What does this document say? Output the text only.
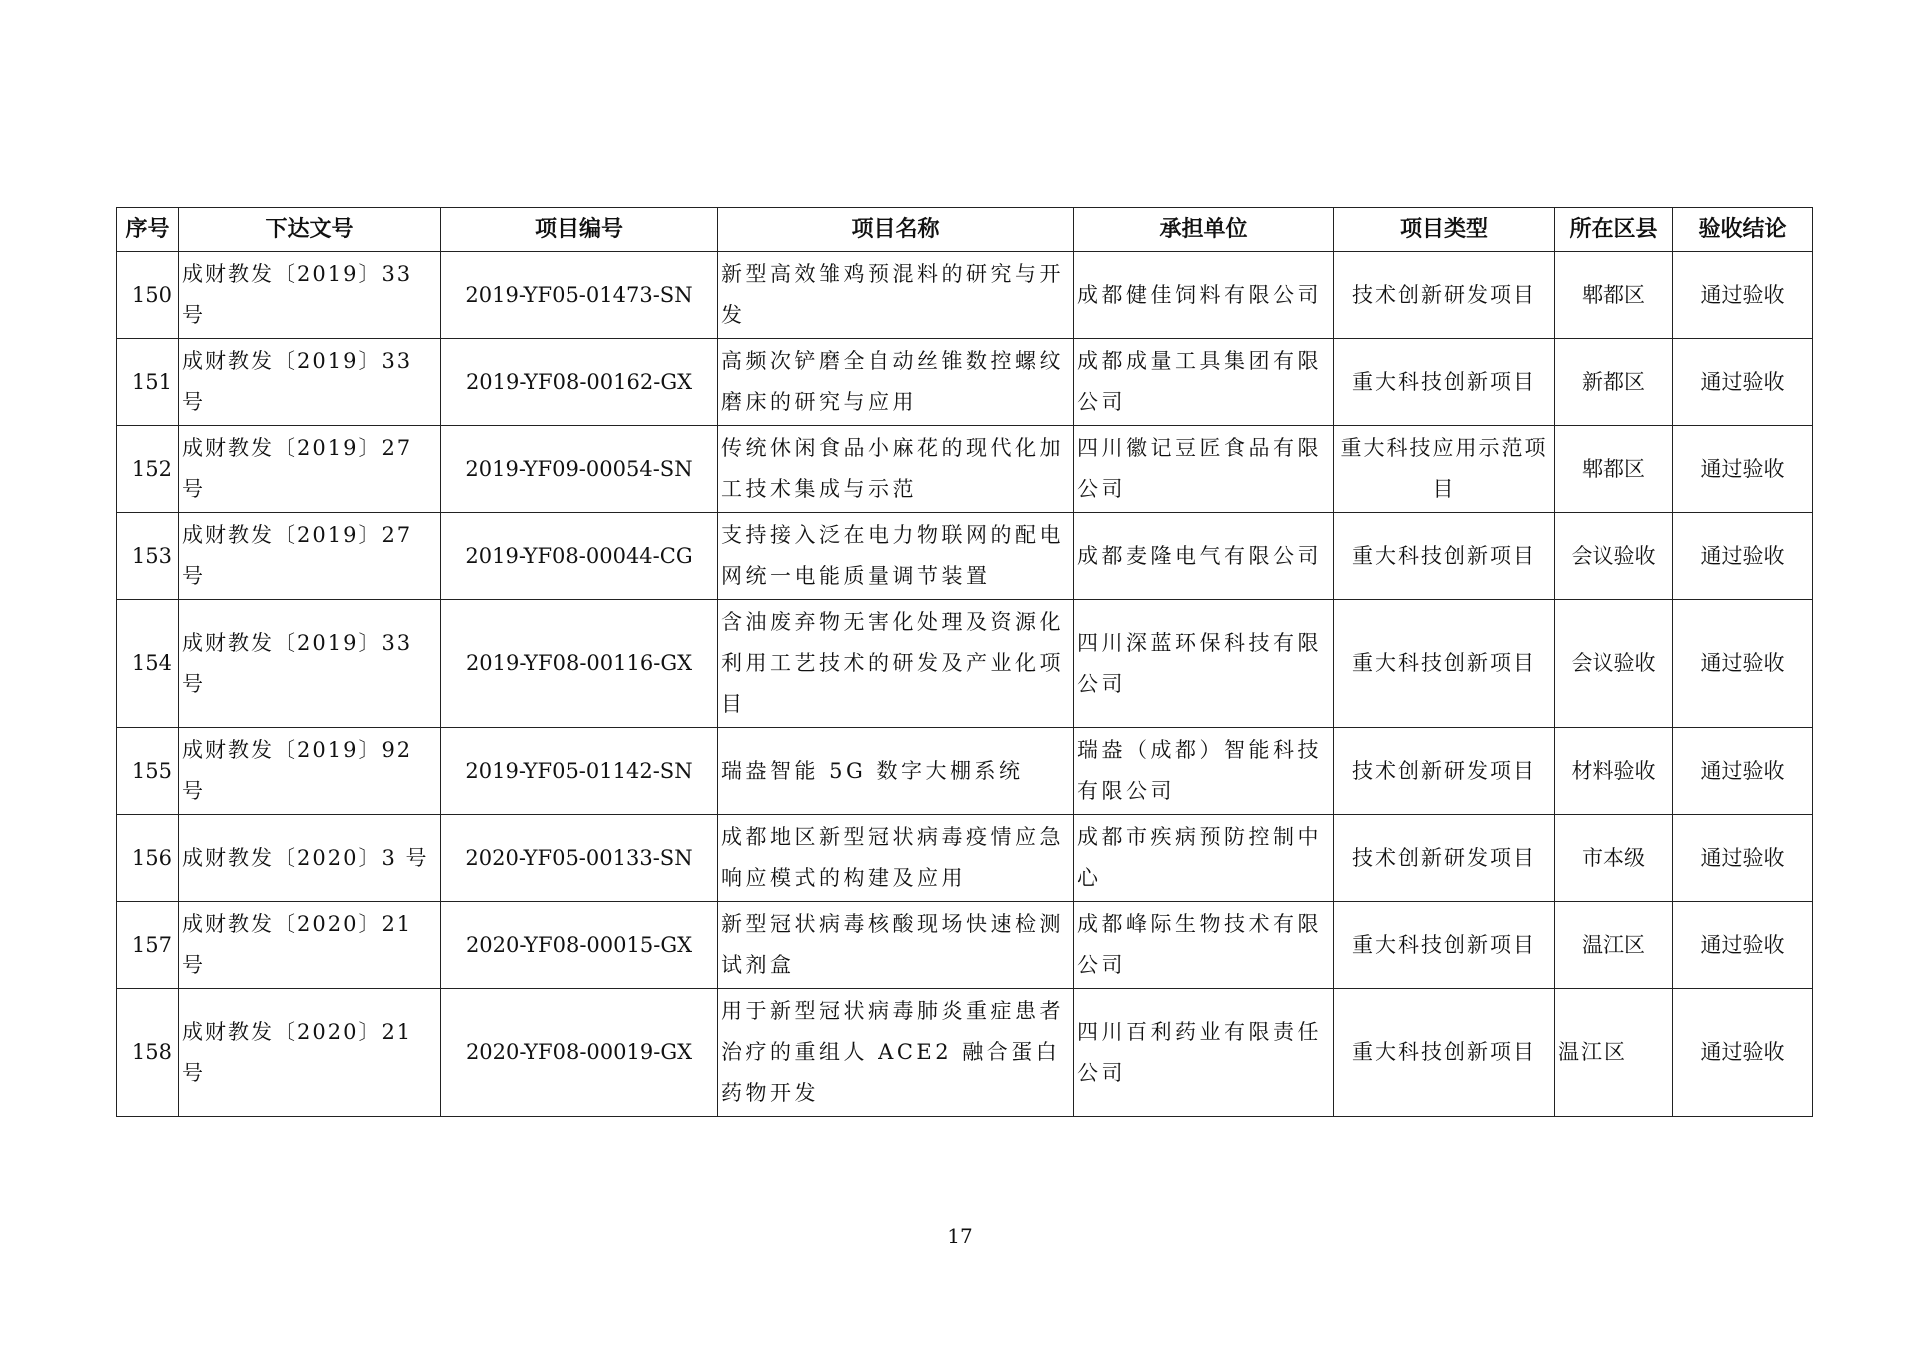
序号	下达文号	项目编号	项目名称	承担单位	项目类型	所在区县	验收结论
150	成财教发〔2019〕33 号	2019-YF05-01473-SN	新型高效雏鸡预混料的研究与开发	成都健佳饲料有限公司	技术创新研发项目	郫都区	通过验收
151	成财教发〔2019〕33 号	2019-YF08-00162-GX	高频次铲磨全自动丝锥数控螺纹磨床的研究与应用	成都成量工具集团有限公司	重大科技创新项目	新都区	通过验收
152	成财教发〔2019〕27 号	2019-YF09-00054-SN	传统休闲食品小麻花的现代化加工技术集成与示范	四川徽记豆匠食品有限公司	重大科技应用示范项目	郫都区	通过验收
153	成财教发〔2019〕27 号	2019-YF08-00044-CG	支持接入泛在电力物联网的配电网统一电能质量调节装置	成都麦隆电气有限公司	重大科技创新项目	会议验收	通过验收
154	成财教发〔2019〕33 号	2019-YF08-00116-GX	含油废弃物无害化处理及资源化利用工艺技术的研发及产业化项目	四川深蓝环保科技有限公司	重大科技创新项目	会议验收	通过验收
155	成财教发〔2019〕92 号	2019-YF05-01142-SN	瑞盎智能 5G 数字大棚系统	瑞盎（成都）智能科技有限公司	技术创新研发项目	材料验收	通过验收
156	成财教发〔2020〕3 号	2020-YF05-00133-SN	成都地区新型冠状病毒疫情应急响应模式的构建及应用	成都市疾病预防控制中心	技术创新研发项目	市本级	通过验收
157	成财教发〔2020〕21 号	2020-YF08-00015-GX	新型冠状病毒核酸现场快速检测试剂盒	成都峰际生物技术有限公司	重大科技创新项目	温江区	通过验收
158	成财教发〔2020〕21 号	2020-YF08-00019-GX	用于新型冠状病毒肺炎重症患者治疗的重组人 ACE2 融合蛋白药物开发	四川百利药业有限责任公司	重大科技创新项目	温江区	通过验收
17
